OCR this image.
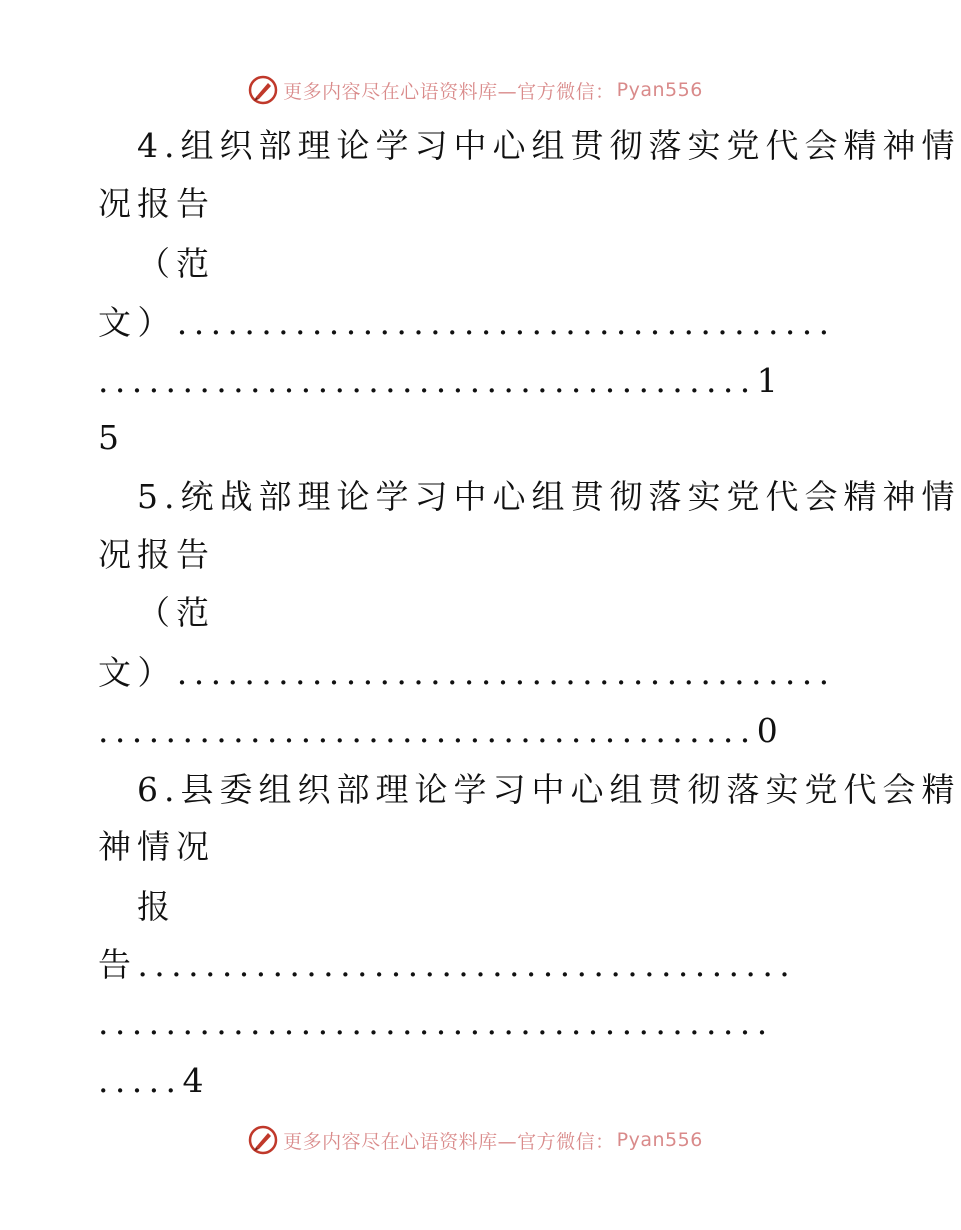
更多内容尽在心语资料库—官方微信： Pyan556
4.组织部理论学习中心组贯彻落实党代会精神情
况报告
（范
文）.......................................
.......................................1
5
5.统战部理论学习中心组贯彻落实党代会精神情
况报告
（范
文）.......................................
.......................................0
6.县委组织部理论学习中心组贯彻落实党代会精
神情况
报
告.......................................
........................................
.....4
更多内容尽在心语资料库—官方微信： Pyan556
